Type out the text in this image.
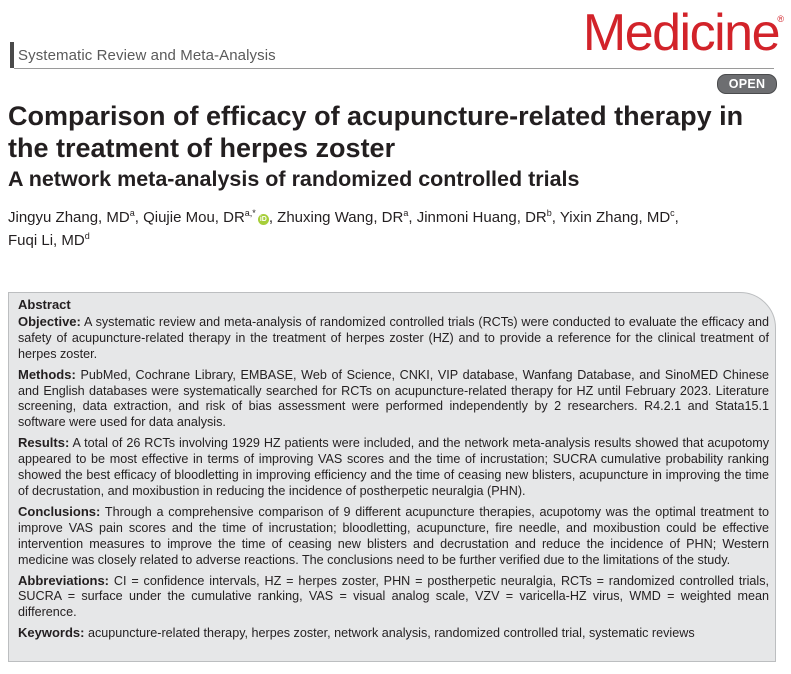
Systematic Review and Meta-Analysis	Medicine
®
OPEN
Comparison of efficacy of acupuncture-related therapy in the treatment of herpes zoster
A network meta-analysis of randomized controlled trials
Jingyu Zhang, $MD^a$, Qiujie Mou, $DR^{a,*}iD$ , Zhuxing Wang, $DR^a$, Jinmoni Huang, $DR^b$, Yixin Zhang, $MD^c$,
Fuqi Li, $MD^d$
Abstract

Objective: A systematic review and meta-analysis of randomized controlled trials (RCTs) were conducted to evaluate the efficacy and safety of acupuncture-related therapy in the treatment of herpes zoster (HZ) and to provide a reference for the clinical treatment of herpes zoster.

Methods: PubMed, Cochrane Library, EMBASE, Web of Science, CNKI, VIP database, Wanfang Database, and SinoMED Chinese and English databases were systematically searched for RCTs on acupuncture-related therapy for HZ until February 2023. Literature screening, data extraction, and risk of bias assessment were performed independently by 2 researchers. R4.2.1 and Stata15.1 software were used for data analysis.

Results: A total of 26 RCTs involving 1929 HZ patients were included, and the network meta-analysis results showed that acupotomy appeared to be most effective in terms of improving VAS scores and the time of incrustation; SUCRA cumulative probability ranking showed the best efficacy of bloodletting in improving efficiency and the time of ceasing new blisters, acupuncture in improving the time of decrustation, and moxibustion in reducing the incidence of postherpetic neuralgia (PHN).

Conclusions: Through a comprehensive comparison of 9 different acupuncture therapies, acupotomy was the optimal treatment to improve VAS pain scores and the time of incrustation; bloodletting, acupuncture, fire needle, and moxibustion could be effective intervention measures to improve the time of ceasing new blisters and decrustation and reduce the incidence of PHN; Western medicine was closely related to adverse reactions. The conclusions need to be further verified due to the limitations of the study.

Abbreviations: CI = confidence intervals, HZ = herpes zoster, PHN = postherpetic neuralgia, RCTs = randomized controlled trials, SUCRA = surface under the cumulative ranking, VAS = visual analog scale, VZV = varicella-HZ virus, WMD = weighted mean difference.

Keywords: acupuncture-related therapy, herpes zoster, network analysis, randomized controlled trial, systematic reviews
